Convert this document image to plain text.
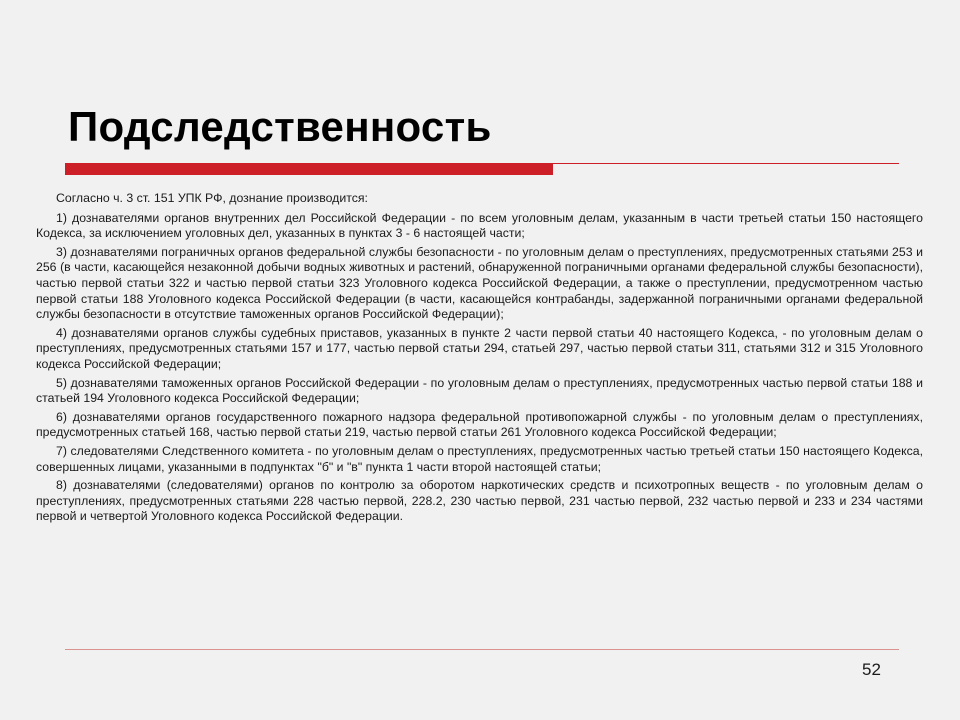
Подследственность

Согласно ч. 3 ст. 151 УПК РФ, дознание производится:

1) дознавателями органов внутренних дел Российской Федерации - по всем уголовным делам, указанным в части третьей статьи 150 настоящего Кодекса, за исключением уголовных дел, указанных в пунктах 3 - 6 настоящей части;

3) дознавателями пограничных органов федеральной службы безопасности - по уголовным делам о преступлениях, предусмотренных статьями 253 и 256 (в части, касающейся незаконной добычи водных животных и растений, обнаруженной пограничными органами федеральной службы безопасности), частью первой статьи 322 и частью первой статьи 323 Уголовного кодекса Российской Федерации, а также о преступлении, предусмотренном частью первой статьи 188 Уголовного кодекса Российской Федерации (в части, касающейся контрабанды, задержанной пограничными органами федеральной службы безопасности в отсутствие таможенных органов Российской Федерации);

4) дознавателями органов службы судебных приставов, указанных в пункте 2 части первой статьи 40 настоящего Кодекса, - по уголовным делам о преступлениях, предусмотренных статьями 157 и 177, частью первой статьи 294, статьей 297, частью первой статьи 311, статьями 312 и 315 Уголовного кодекса Российской Федерации;

5) дознавателями таможенных органов Российской Федерации - по уголовным делам о преступлениях, предусмотренных частью первой статьи 188 и статьей 194 Уголовного кодекса Российской Федерации;

6) дознавателями органов государственного пожарного надзора федеральной противопожарной службы - по уголовным делам о преступлениях, предусмотренных статьей 168, частью первой статьи 219, частью первой статьи 261 Уголовного кодекса Российской Федерации;

7) следователями Следственного комитета - по уголовным делам о преступлениях, предусмотренных частью третьей статьи 150 настоящего Кодекса, совершенных лицами, указанными в подпунктах "б" и "в" пункта 1 части второй настоящей статьи;

8) дознавателями (следователями) органов по контролю за оборотом наркотических средств и психотропных веществ - по уголовным делам о преступлениях, предусмотренных статьями 228 частью первой, 228.2, 230 частью первой, 231 частью первой, 232 частью первой и 233 и 234 частями первой и четвертой Уголовного кодекса Российской Федерации.

52
